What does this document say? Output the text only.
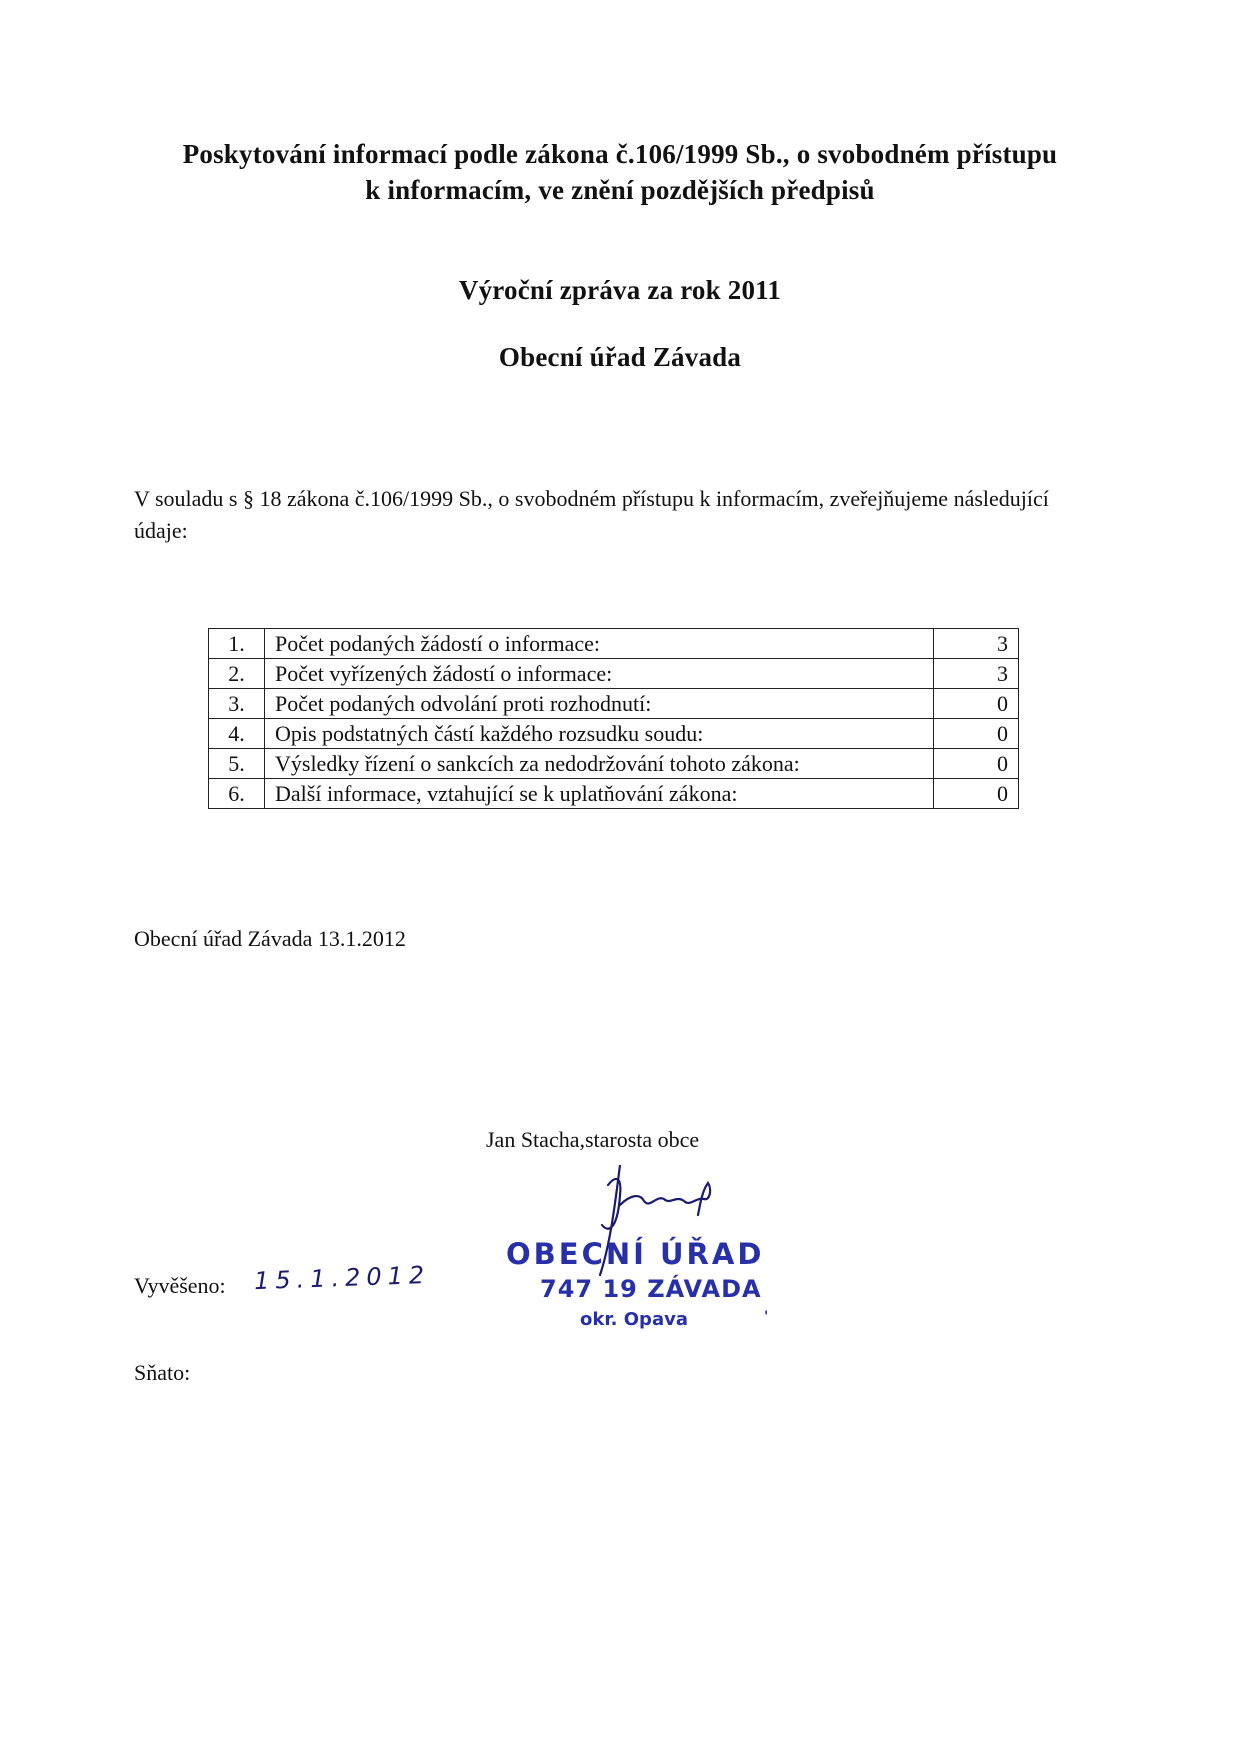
Poskytování informací podle zákona č.106/1999 Sb., o svobodném přístupu
k informacím, ve znění pozdějších předpisů
Výroční zpráva za rok 2011
Obecní úřad Závada
V souladu s § 18 zákona č.106/1999 Sb., o svobodném přístupu k informacím, zveřejňujeme následující údaje:
1.	Počet podaných žádostí o informace:	3
2.	Počet vyřízených žádostí o informace:	3
3.	Počet podaných odvolání proti rozhodnutí:	0
4.	Opis podstatných částí každého rozsudku soudu:	0
5.	Výsledky řízení o sankcích za nedodržování tohoto zákona:	0
6.	Další informace, vztahující se k uplatňování zákona:	0
Obecní úřad Závada 13.1.2012
Jan Stacha,starosta obce
OBECNÍ ÚŘAD
747 19 ZÁVADA
okr. Opava	'
Vyvěšeno: 15.1.2012
Sňato:
